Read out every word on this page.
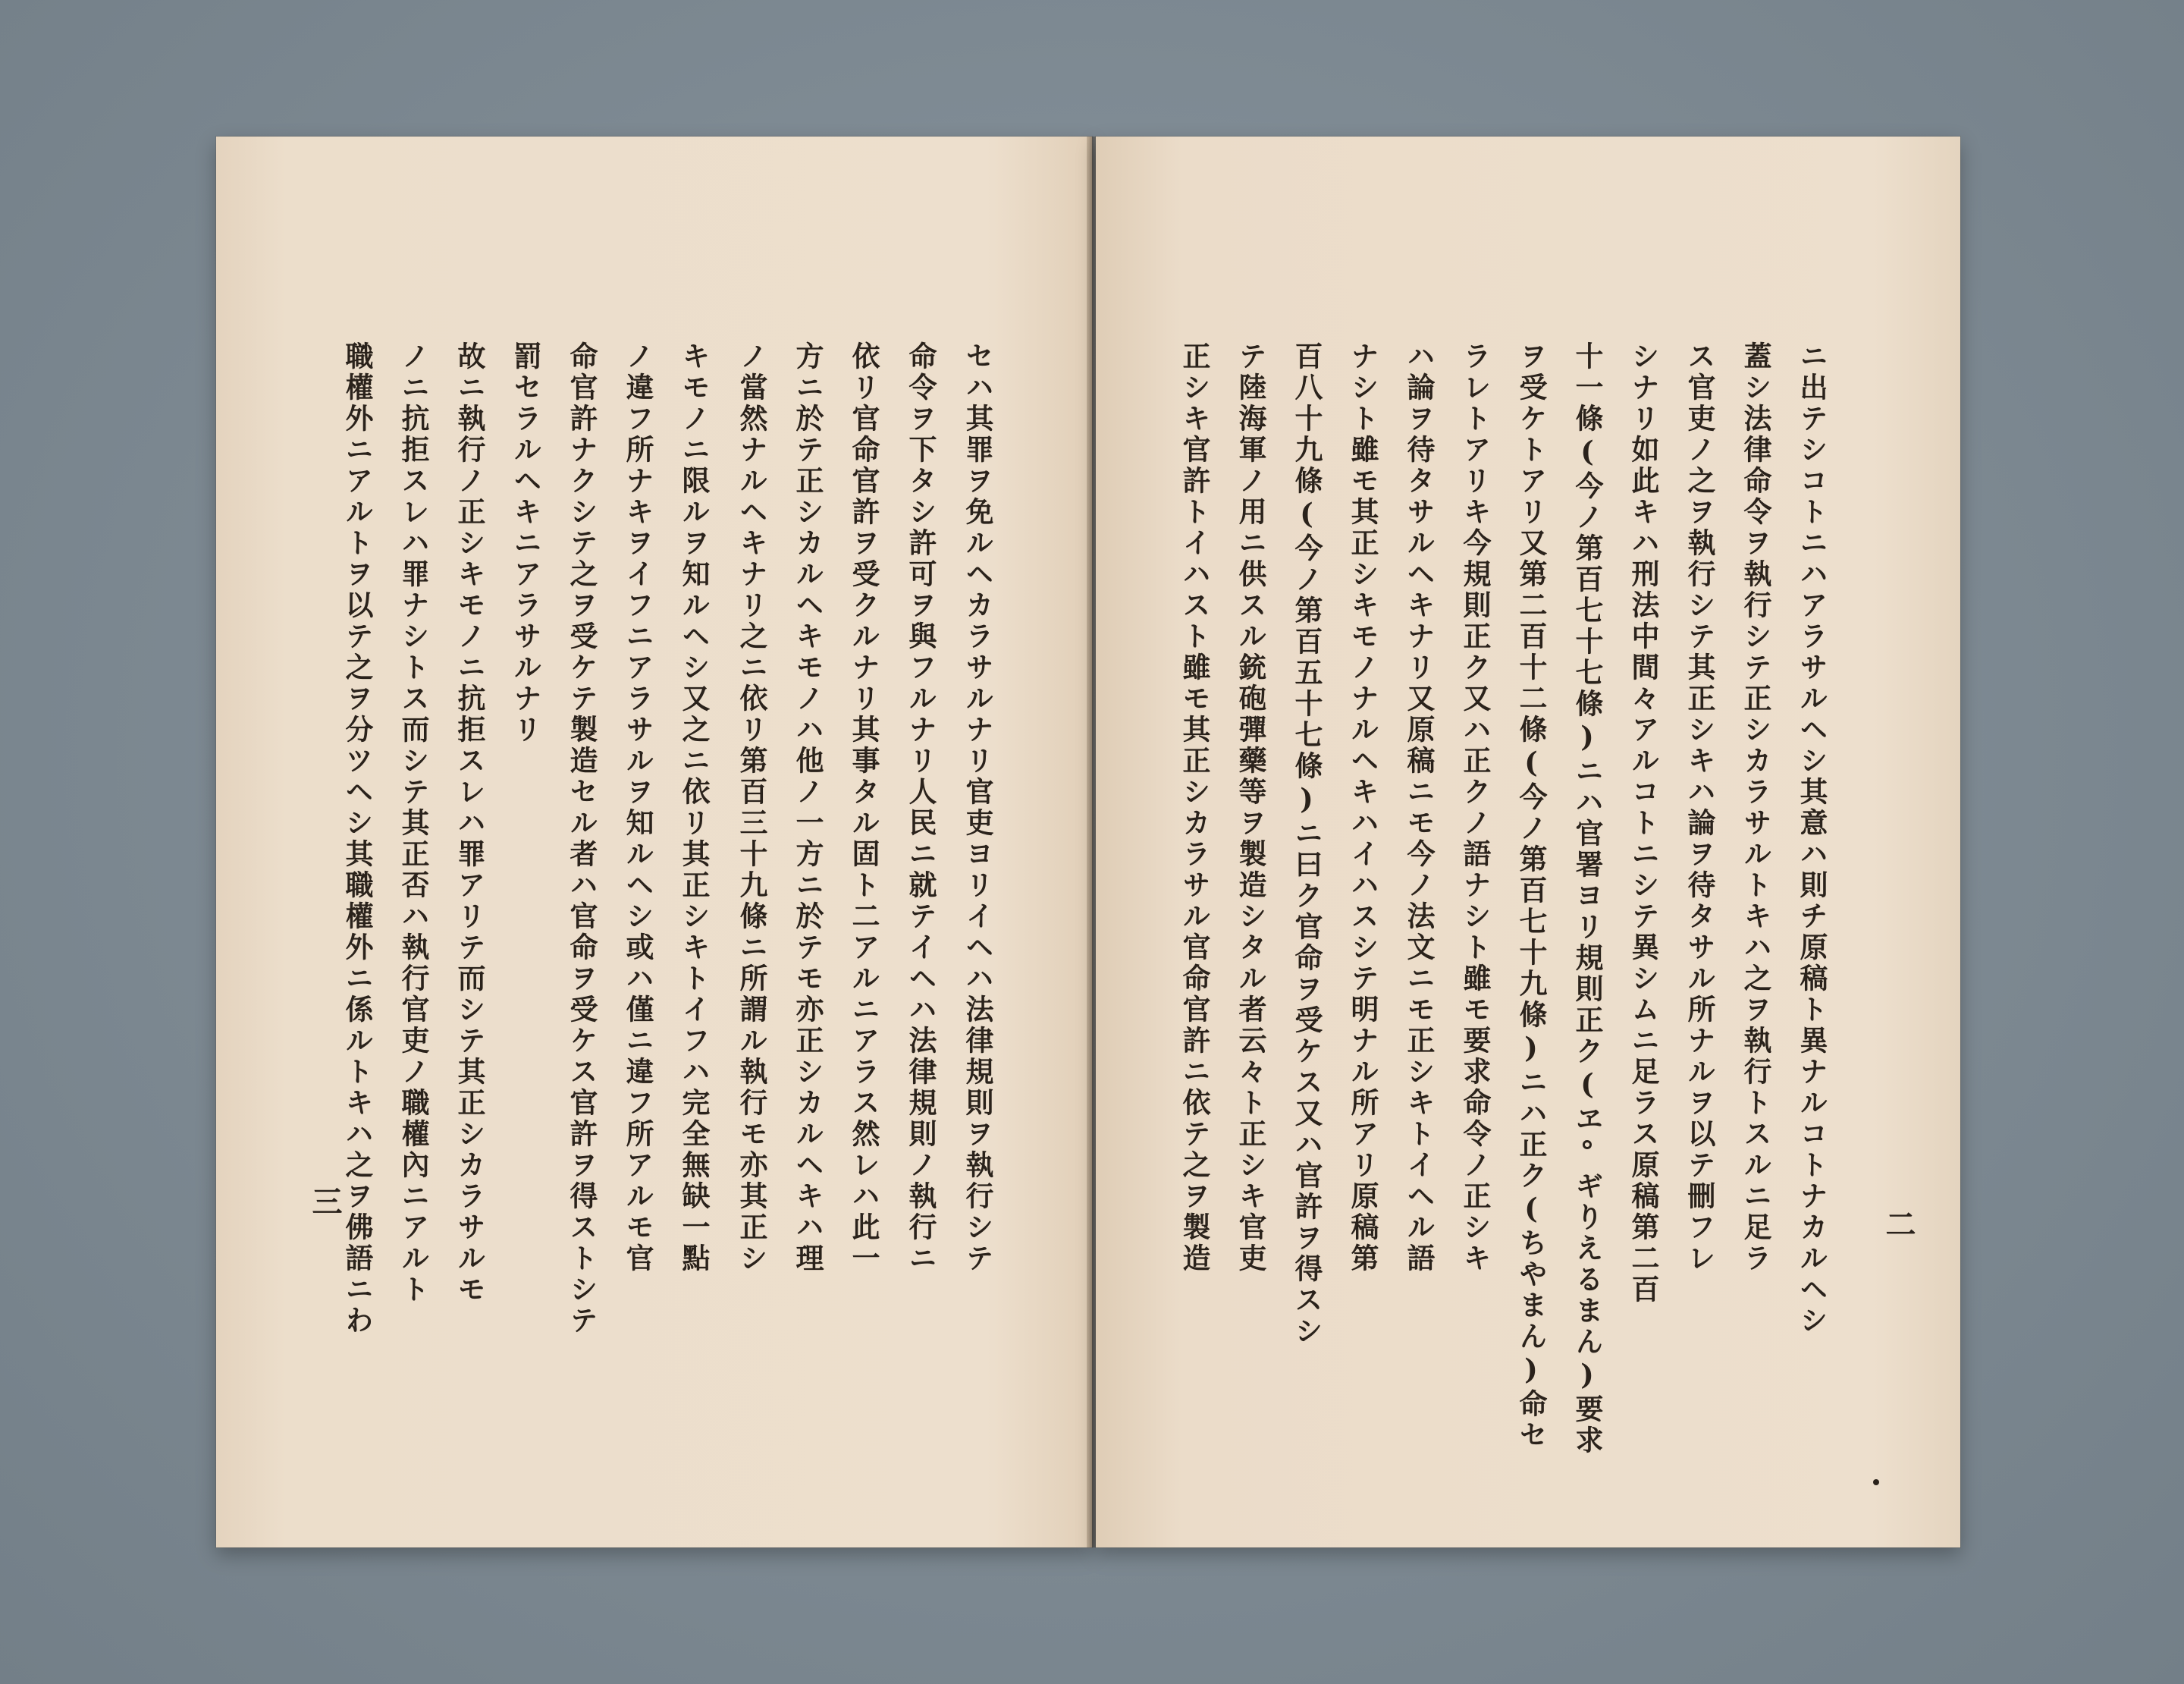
セハ其罪ヲ免ルヘカラサルナリ官吏ヨリイヘハ法律規則ヲ執行シテ
命令ヲ下タシ許可ヲ與フルナリ人民ニ就テイヘハ法律規則ノ執行ニ
依リ官命官許ヲ受クルナリ其事タル固ト二アルニアラス然レハ此一
方ニ於テ正シカルヘキモノハ他ノ一方ニ於テモ亦正シカルヘキハ理
ノ當然ナルヘキナリ之ニ依リ第百三十九條ニ所謂ル執行モ亦其正シ
キモノニ限ルヲ知ルヘシ又之ニ依リ其正シキトイフハ完全無缺一點
ノ違フ所ナキヲイフニアラサルヲ知ルヘシ或ハ僅ニ違フ所アルモ官
命官許ナクシテ之ヲ受ケテ製造セル者ハ官命ヲ受ケス官許ヲ得ストシテ
罰セラルヘキニアラサルナリ
故ニ執行ノ正シキモノニ抗拒スレハ罪アリテ而シテ其正シカラサルモ
ノニ抗拒スレハ罪ナシトス而シテ其正否ハ執行官吏ノ職權內ニアルト
職權外ニアルトヲ以テ之ヲ分ツヘシ其職權外ニ係ルトキハ之ヲ佛語ニわ
三	ニ出テシコトニハアラサルヘシ其意ハ則チ原稿ト異ナルコトナカルヘシ
蓋シ法律命令ヲ執行シテ正シカラサルトキハ之ヲ執行トスルニ足ラ
ス官吏ノ之ヲ執行シテ其正シキハ論ヲ待タサル所ナルヲ以テ刪フレ
シナリ如此キハ刑法中間々アルコトニシテ異シムニ足ラス原稿第二百
十一條(今ノ第百七十七條)ニハ官署ヨリ規則正ク(ヱ°ギりえるまん)要求
ヲ受ケトアリ又第二百十二條(今ノ第百七十九條)ニハ正ク(ちやまん)命セ
ラレトアリキ今規則正ク又ハ正クノ語ナシト雖モ要求命令ノ正シキ
ハ論ヲ待タサルヘキナリ又原稿ニモ今ノ法文ニモ正シキトイヘル語
ナシト雖モ其正シキモノナルヘキハイハスシテ明ナル所アリ原稿第
百八十九條(今ノ第百五十七條)ニ曰ク官命ヲ受ケス又ハ官許ヲ得スシ
テ陸海軍ノ用ニ供スル銃砲彈藥等ヲ製造シタル者云々ト正シキ官吏
正シキ官許トイハスト雖モ其正シカラサル官命官許ニ依テ之ヲ製造	二
